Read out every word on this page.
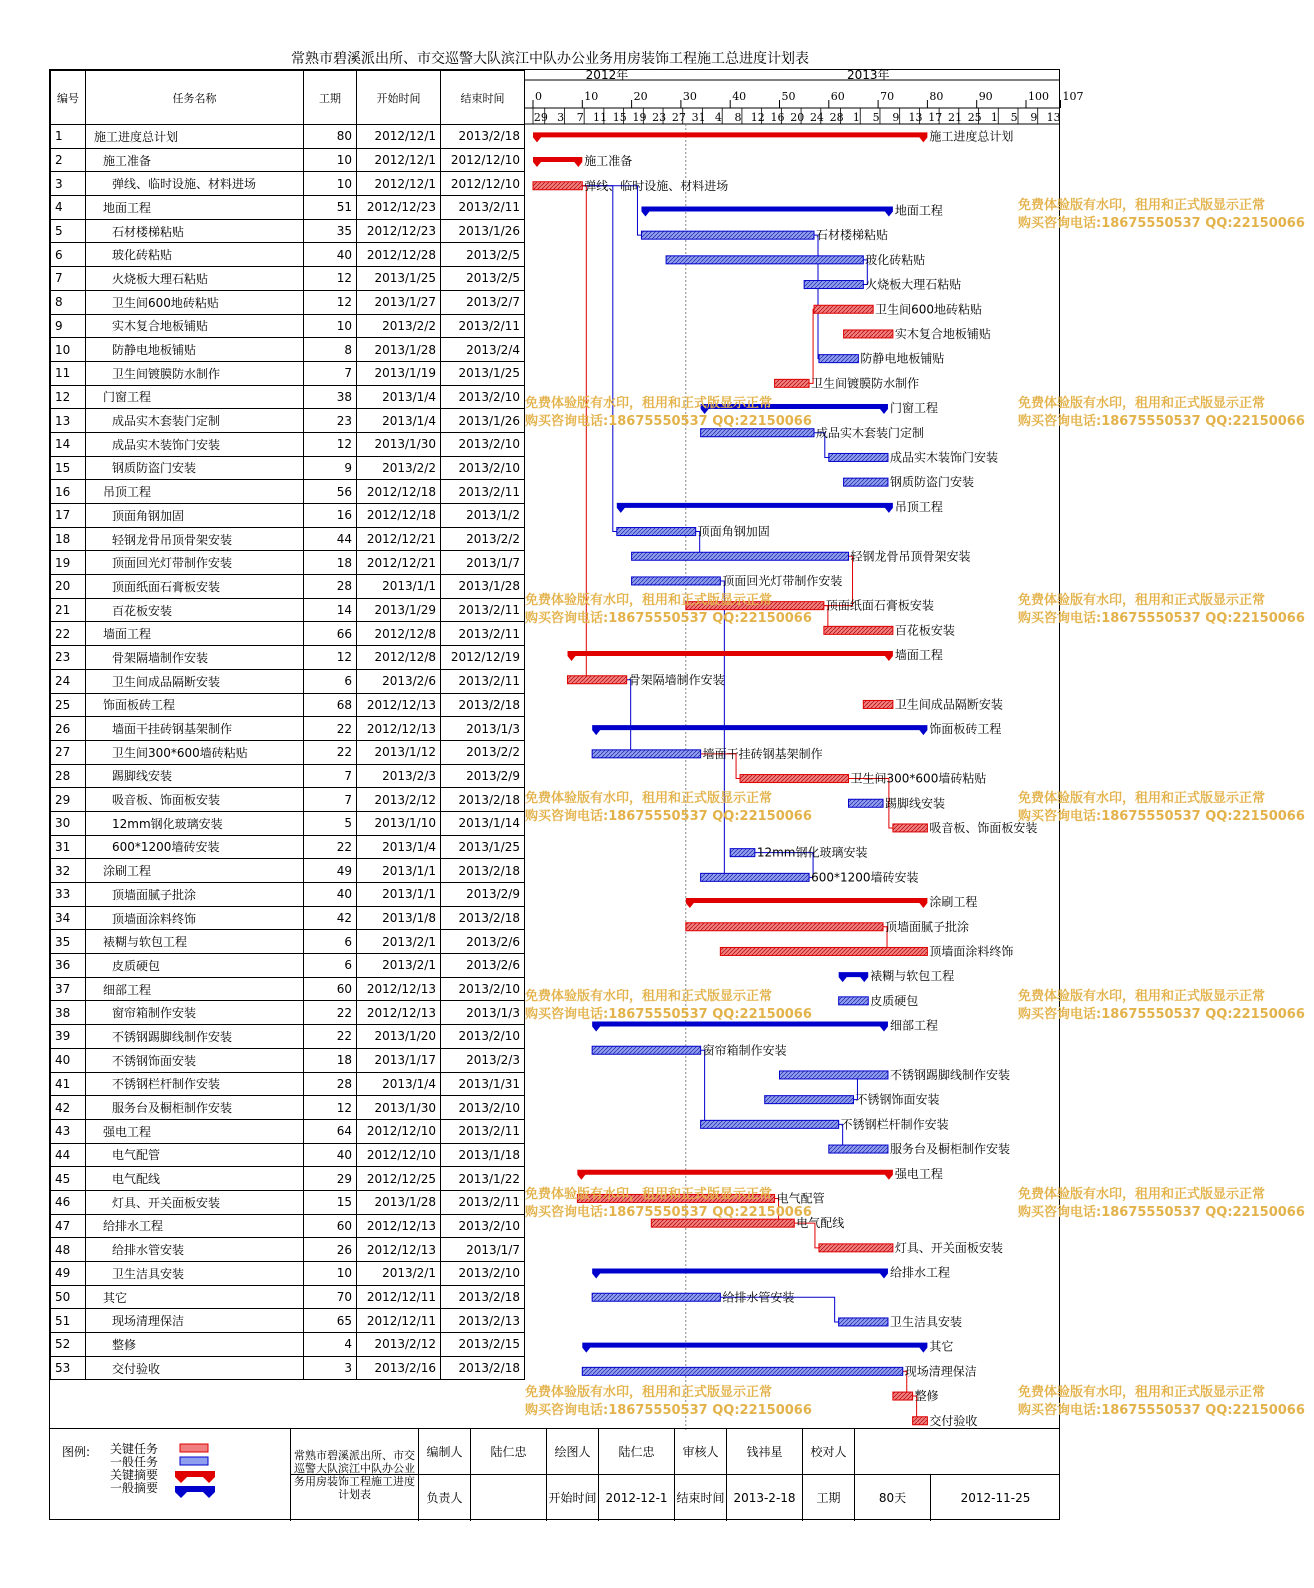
常熟市碧溪派出所、市交巡警大队滨江中队办公业务用房装饰工程施工总进度计划表
编号	任务名称	工期	开始时间	结束时间
1	施工进度总计划	80	2012/12/1	2013/2/18
2	施工准备	10	2012/12/1	2012/12/10
3	弹线、临时设施、材料进场	10	2012/12/1	2012/12/10
4	地面工程	51	2012/12/23	2013/2/11
5	石材楼梯粘贴	35	2012/12/23	2013/1/26
6	玻化砖粘贴	40	2012/12/28	2013/2/5
7	火烧板大理石粘贴	12	2013/1/25	2013/2/5
8	卫生间600地砖粘贴	12	2013/1/27	2013/2/7
9	实木复合地板铺贴	10	2013/2/2	2013/2/11
10	防静电地板铺贴	8	2013/1/28	2013/2/4
11	卫生间镀膜防水制作	7	2013/1/19	2013/1/25
12	门窗工程	38	2013/1/4	2013/2/10
13	成品实木套装门定制	23	2013/1/4	2013/1/26
14	成品实木装饰门安装	12	2013/1/30	2013/2/10
15	钢质防盗门安装	9	2013/2/2	2013/2/10
16	吊顶工程	56	2012/12/18	2013/2/11
17	顶面角钢加固	16	2012/12/18	2013/1/2
18	轻钢龙骨吊顶骨架安装	44	2012/12/21	2013/2/2
19	顶面回光灯带制作安装	18	2012/12/21	2013/1/7
20	顶面纸面石膏板安装	28	2013/1/1	2013/1/28
21	百花板安装	14	2013/1/29	2013/2/11
22	墙面工程	66	2012/12/8	2013/2/11
23	骨架隔墙制作安装	12	2012/12/8	2012/12/19
24	卫生间成品隔断安装	6	2013/2/6	2013/2/11
25	饰面板砖工程	68	2012/12/13	2013/2/18
26	墙面干挂砖钢基架制作	22	2012/12/13	2013/1/3
27	卫生间300*600墙砖粘贴	22	2013/1/12	2013/2/2
28	踢脚线安装	7	2013/2/3	2013/2/9
29	吸音板、饰面板安装	7	2013/2/12	2013/2/18
30	12mm钢化玻璃安装	5	2013/1/10	2013/1/14
31	600*1200墙砖安装	22	2013/1/4	2013/1/25
32	涂刷工程	49	2013/1/1	2013/2/18
33	顶墙面腻子批涂	40	2013/1/1	2013/2/9
34	顶墙面涂料终饰	42	2013/1/8	2013/2/18
35	裱糊与软包工程	6	2013/2/1	2013/2/6
36	皮质硬包	6	2013/2/1	2013/2/6
37	细部工程	60	2012/12/13	2013/2/10
38	窗帘箱制作安装	22	2012/12/13	2013/1/3
39	不锈钢踢脚线制作安装	22	2013/1/20	2013/2/10
40	不锈钢饰面安装	18	2013/1/17	2013/2/3
41	不锈钢栏杆制作安装	28	2013/1/4	2013/1/31
42	服务台及橱柜制作安装	12	2013/1/30	2013/2/10
43	强电工程	64	2012/12/10	2013/2/11
44	电气配管	40	2012/12/10	2013/1/18
45	电气配线	29	2012/12/25	2013/1/22
46	灯具、开关面板安装	15	2013/1/28	2013/2/11
47	给排水工程	60	2012/12/13	2013/2/10
48	给排水管安装	26	2012/12/13	2013/1/7
49	卫生洁具安装	10	2013/2/1	2013/2/10
50	其它	70	2012/12/11	2013/2/18
51	现场清理保洁	65	2012/12/11	2013/2/13
52	整修	4	2013/2/12	2013/2/15
53	交付验收	3	2013/2/16	2013/2/18
2012年	2013年
0	10	20	30	40	50	60	70	80	90	100 107
29 3 7 11 15 19 23 27 31 4 8 12 16 20 24 28 1 5 9 13 17 21 25 1 5 9 13
施工进度总计划
施工准备
弹线、临时设施、材料进场
地面工程
石材楼梯粘贴
玻化砖粘贴
火烧板大理石粘贴
卫生间600地砖粘贴
实木复合地板铺贴
防静电地板铺贴
卫生间镀膜防水制作
门窗工程
成品实木套装门定制
成品实木装饰门安装
钢质防盗门安装
吊顶工程
顶面角钢加固
轻钢龙骨吊顶骨架安装
顶面回光灯带制作安装
顶面纸面石膏板安装
百花板安装
墙面工程
骨架隔墙制作安装
卫生间成品隔断安装
饰面板砖工程
墙面干挂砖钢基架制作
卫生间300*600墙砖粘贴
踢脚线安装
吸音板、饰面板安装
12mm钢化玻璃安装
600*1200墙砖安装
涂刷工程
顶墙面腻子批涂
顶墙面涂料终饰
裱糊与软包工程
皮质硬包
细部工程
窗帘箱制作安装
不锈钢踢脚线制作安装
不锈钢饰面安装
不锈钢栏杆制作安装
服务台及橱柜制作安装
强电工程
电气配管
电气配线
灯具、开关面板安装
给排水工程
给排水管安装
卫生洁具安装
其它
现场清理保洁
整修
交付验收
图例: 关键任务
一般任务
关键摘要
一般摘要
常熟市碧溪派出所、市交巡警大队滨江中队办公业务用房装饰工程施工进度计划表
编制人	陆仁忠	绘图人	陆仁忠	审核人	钱祎星	校对人
负责人	开始时间 2012-12-1 结束时间 2013-2-18	工期	80天	2012-11-25
免费体验版有水印，租用和正式版显示正常
购买咨询电话:18675550537 QQ:22150066
免费体验版有水印，租用和正式版显示正常
购买咨询电话:18675550537 QQ:22150066
免费体验版有水印，租用和正式版显示正常
购买咨询电话:18675550537 QQ:22150066
免费体验版有水印，租用和正式版显示正常
购买咨询电话:18675550537 QQ:22150066
免费体验版有水印，租用和正式版显示正常
购买咨询电话:18675550537 QQ:22150066
免费体验版有水印，租用和正式版显示正常
购买咨询电话:18675550537 QQ:22150066
免费体验版有水印，租用和正式版显示正常
购买咨询电话:18675550537 QQ:22150066
免费体验版有水印，租用和正式版显示正常
购买咨询电话:18675550537 QQ:22150066
免费体验版有水印，租用和正式版显示正常
购买咨询电话:18675550537 QQ:22150066
免费体验版有水印，租用和正式版显示正常
购买咨询电话:18675550537 QQ:22150066
免费体验版有水印，租用和正式版显示正常
购买咨询电话:18675550537 QQ:22150066
免费体验版有水印，租用和正式版显示正常
购买咨询电话:18675550537 QQ:22150066
免费体验版有水印，租用和正式版显示正常
购买咨询电话:18675550537 QQ:22150066
